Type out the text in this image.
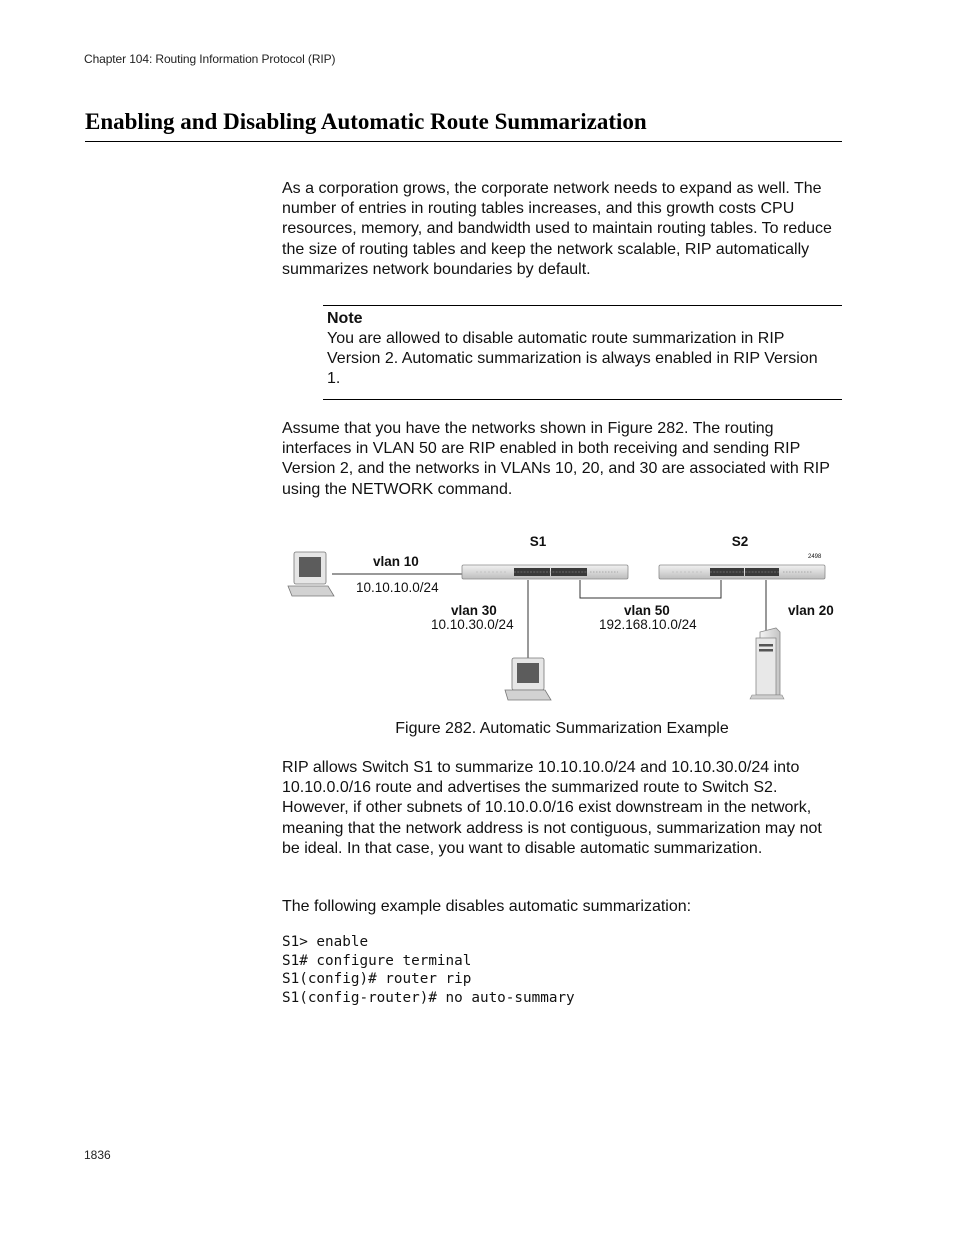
Chapter 104: Routing Information Protocol (RIP)
Enabling and Disabling Automatic Route Summarization

As a corporation grows, the corporate network needs to expand as well. The number of entries in routing tables increases, and this growth costs CPU resources, memory, and bandwidth used to maintain routing tables. To reduce the size of routing tables and keep the network scalable, RIP automatically summarizes network boundaries by default.

Note

You are allowed to disable automatic route summarization in RIP Version 2. Automatic summarization is always enabled in RIP Version 1.

Assume that you have the networks shown in Figure 282. The routing interfaces in VLAN 50 are RIP enabled in both receiving and sending RIP Version 2, and the networks in VLANs 10, 20, and 30 are associated with RIP using the NETWORK command.

S1	S2
2498
vlan 10
10.10.10.0/24
vlan 30
10.10.30.0/24
vlan 50
192.168.10.0/24
vlan 20
Figure 282. Automatic Summarization Example

RIP allows Switch S1 to summarize 10.10.10.0/24 and 10.10.30.0/24 into 10.10.0.0/16 route and advertises the summarized route to Switch S2. However, if other subnets of 10.10.0.0/16 exist downstream in the network, meaning that the network address is not contiguous, summarization may not be ideal. In that case, you want to disable automatic summarization.

The following example disables automatic summarization:

S1> enable
S1# configure terminal
S1(config)# router rip
S1(config-router)# no auto-summary
1836
